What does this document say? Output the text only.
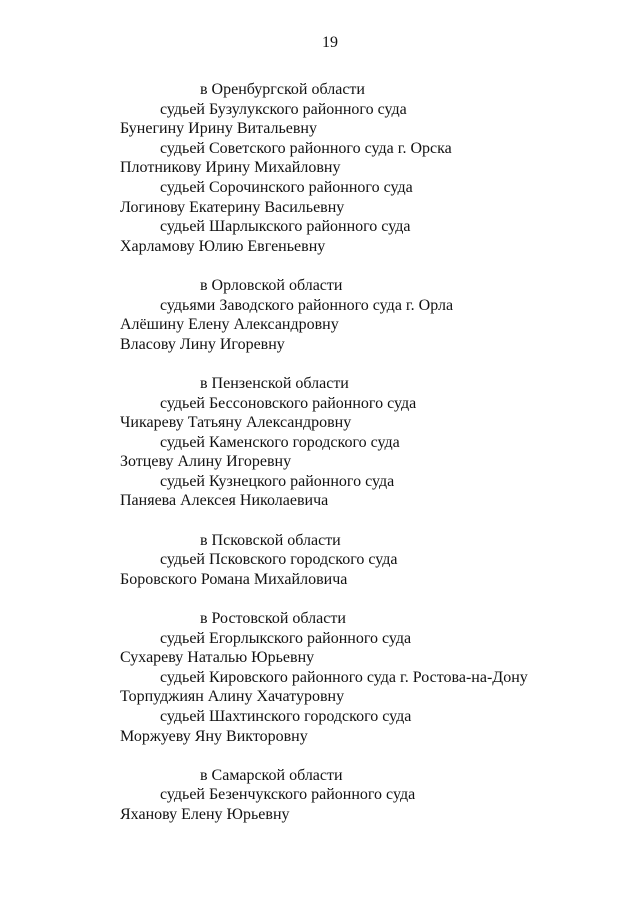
19
в Оренбургской области
судьей Бузулукского районного суда
Бунегину Ирину Витальевну
судьей Советского районного суда г. Орска
Плотникову Ирину Михайловну
судьей Сорочинского районного суда
Логинову Екатерину Васильевну
судьей Шарлыкского районного суда
Харламову Юлию Евгеньевну
в Орловской области
судьями Заводского районного суда г. Орла
Алёшину Елену Александровну
Власову Лину Игоревну
в Пензенской области
судьей Бессоновского районного суда
Чикареву Татьяну Александровну
судьей Каменского городского суда
Зотцеву Алину Игоревну
судьей Кузнецкого районного суда
Паняева Алексея Николаевича
в Псковской области
судьей Псковского городского суда
Боровского Романа Михайловича
в Ростовской области
судьей Егорлыкского районного суда
Сухареву Наталью Юрьевну
судьей Кировского районного суда г. Ростова-на-Дону
Торпуджиян Алину Хачатуровну
судьей Шахтинского городского суда
Моржуеву Яну Викторовну
в Самарской области
судьей Безенчукского районного суда
Яханову Елену Юрьевну
